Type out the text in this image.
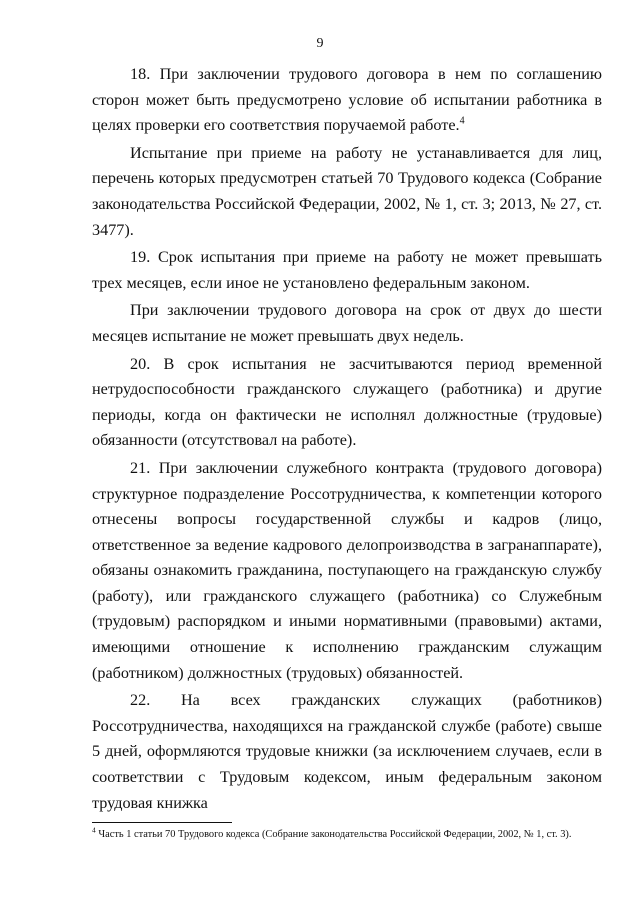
9

18. При заключении трудового договора в нем по соглашению сторон может быть предусмотрено условие об испытании работника в целях проверки его соответствия поручаемой работе.$^4$

Испытание при приеме на работу не устанавливается для лиц, перечень которых предусмотрен статьей 70 Трудового кодекса (Собрание законодательства Российской Федерации, 2002, № 1, ст. 3; 2013, № 27, ст. 3477).

19. Срок испытания при приеме на работу не может превышать трех месяцев, если иное не установлено федеральным законом.

При заключении трудового договора на срок от двух до шести месяцев испытание не может превышать двух недель.

20. В срок испытания не засчитываются период временной нетрудоспособности гражданского служащего (работника) и другие периоды, когда он фактически не исполнял должностные (трудовые) обязанности (отсутствовал на работе).

21. При заключении служебного контракта (трудового договора) структурное подразделение Россотрудничества, к компетенции которого отнесены вопросы государственной службы и кадров (лицо, ответственное за ведение кадрового делопроизводства в загранаппарате), обязаны ознакомить гражданина, поступающего на гражданскую службу (работу), или гражданского служащего (работника) со Служебным (трудовым) распорядком и иными нормативными (правовыми) актами, имеющими отношение к исполнению гражданским служащим (работником) должностных (трудовых) обязанностей.

22. На всех гражданских служащих (работников) Россотрудничества, находящихся на гражданской службе (работе) свыше 5 дней, оформляются трудовые книжки (за исключением случаев, если в соответствии с Трудовым кодексом, иным федеральным законом трудовая книжка

$^4$ Часть 1 статьи 70 Трудового кодекса (Собрание законодательства Российской Федерации, 2002, № 1, ст. 3).
